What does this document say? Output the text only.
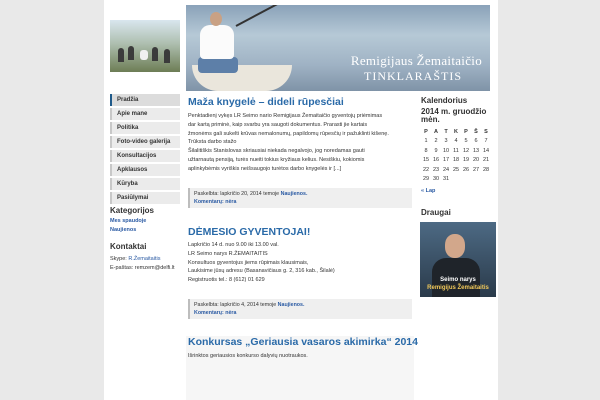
Remigijaus Žemaitaičio
TINKLARAŠTIS
Pradžia
Apie mane
Politika
Foto-video galerija
Konsultacijos
Apklausos
Kūryba
Pasiūlymai
Kategorijos
Mes spaudoje
Naujienos
Kontaktai
Skype: R.Žemaitaitis
E-paštas: remzem@delfi.lt
Maža knygelė – dideli rūpesčiai
Penktadienį vykęs LR Seimo nario Remigijaus Žemaitaičio gyventojų priėmimas
dar kartą priminė, kaip svarbu yra saugoti dokumentus. Prarasti jie kartais
žmonėms gali sukelti krūvas nemalonumų, papildomų rūpesčių ir pažuklinti kišenę.
Trūksta darbo stažo
Šilalitiškis Stanislovas skriausiai niekada negalvojo, jog noredamas gauti
užtarnautą pensiją, turės nueiti tokius kryžiaus kelius. Nesiškiu, kokiomis
aplinkybėmis vyriškis neišsaugojo turėtos darbo knygelės ir [...]
Paskelbta: lapkričio 20, 2014 temoje Naujienos.
Komentarų: nėra
DĖMESIO GYVENTOJAI!
Lapkričio 14 d. nuo 9.00 iki 13.00 val.
LR Seimo narys R.ŽEMAITAITIS
Konsultuos gyventojus jiems rūpimais klausimais,
Laukisime jūsų adresu (Basanavičiaus g. 2, 316 kab., Šilalė)
Registruotis tel.: 8 (612) 01 629
Paskelbta: lapkričio 4, 2014 temoje Naujienos.
Komentarų: nėra
Konkursas „Geriausia vasaros akimirka“ 2014
Išrinktos geriausios konkurso dalyvių nuotraukos.
Kalendorius
2014 m. gruodžio
mėn.
P	A	T	K	P	Š	S
1	2	3	4	5	6	7
8	9	10	11	12	13	14
15	16	17	18	19	20	21
22	23	24	25	26	27	28
29	30	31				
« Lap
Draugai
Seimo narys
Remigijus Žemaitaitis
